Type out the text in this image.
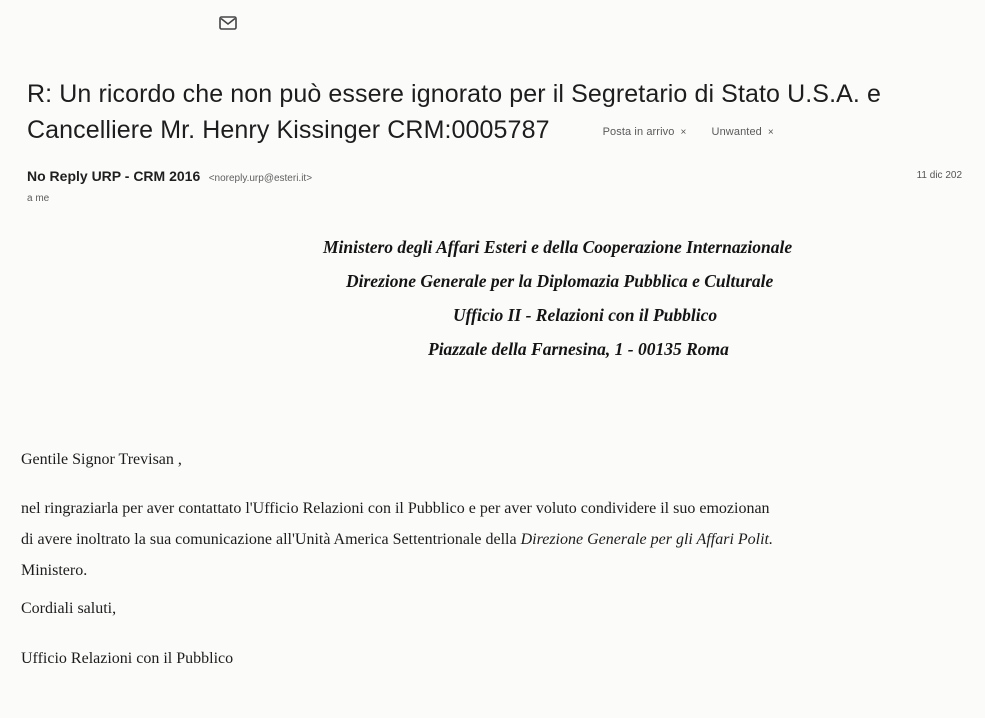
R: Un ricordo che non può essere ignorato per il Segretario di Stato U.S.A. e Cancelliere Mr. Henry Kissinger CRM:0005787	Posta in arrivo × Unwanted ×
No Reply URP - CRM 2016 <noreply.urp@esteri.it>	11 dic 202
a me
Ministero degli Affari Esteri e della Cooperazione Internazionale
Direzione Generale per la Diplomazia Pubblica e Culturale
Ufficio II - Relazioni con il Pubblico
Piazzale della Farnesina, 1 - 00135 Roma
Gentile Signor Trevisan ,
nel ringraziarla per aver contattato l'Ufficio Relazioni con il Pubblico e per aver voluto condividere il suo emozionan
di avere inoltrato la sua comunicazione all'Unità America Settentrionale della Direzione Generale per gli Affari Polit.
Ministero.
Cordiali saluti,
Ufficio Relazioni con il Pubblico
